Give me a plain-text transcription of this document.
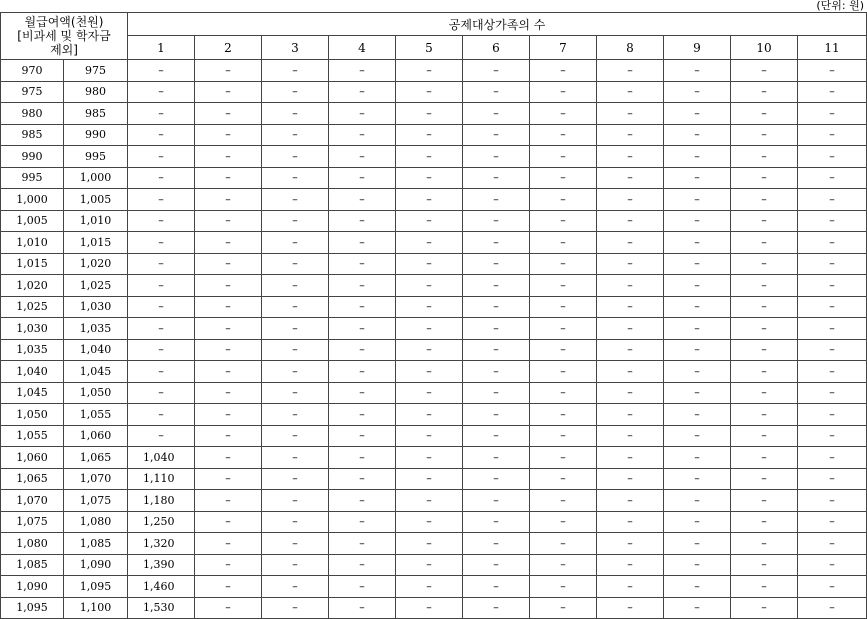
(단위: 원)
월급여액(천원)
[비과세 및 학자금
제외]		공제대상가족의 수										
		1	2	3	4	5	6	7	8	9	10	11
970	975	–	–	–	–	–	–	–	–	–	–	–
975	980	–	–	–	–	–	–	–	–	–	–	–
980	985	–	–	–	–	–	–	–	–	–	–	–
985	990	–	–	–	–	–	–	–	–	–	–	–
990	995	–	–	–	–	–	–	–	–	–	–	–
995	1,000	–	–	–	–	–	–	–	–	–	–	–
1,000	1,005	–	–	–	–	–	–	–	–	–	–	–
1,005	1,010	–	–	–	–	–	–	–	–	–	–	–
1,010	1,015	–	–	–	–	–	–	–	–	–	–	–
1,015	1,020	–	–	–	–	–	–	–	–	–	–	–
1,020	1,025	–	–	–	–	–	–	–	–	–	–	–
1,025	1,030	–	–	–	–	–	–	–	–	–	–	–
1,030	1,035	–	–	–	–	–	–	–	–	–	–	–
1,035	1,040	–	–	–	–	–	–	–	–	–	–	–
1,040	1,045	–	–	–	–	–	–	–	–	–	–	–
1,045	1,050	–	–	–	–	–	–	–	–	–	–	–
1,050	1,055	–	–	–	–	–	–	–	–	–	–	–
1,055	1,060	–	–	–	–	–	–	–	–	–	–	–
1,060	1,065	1,040	–	–	–	–	–	–	–	–	–	–
1,065	1,070	1,110	–	–	–	–	–	–	–	–	–	–
1,070	1,075	1,180	–	–	–	–	–	–	–	–	–	–
1,075	1,080	1,250	–	–	–	–	–	–	–	–	–	–
1,080	1,085	1,320	–	–	–	–	–	–	–	–	–	–
1,085	1,090	1,390	–	–	–	–	–	–	–	–	–	–
1,090	1,095	1,460	–	–	–	–	–	–	–	–	–	–
1,095	1,100	1,530	–	–	–	–	–	–	–	–	–	–
